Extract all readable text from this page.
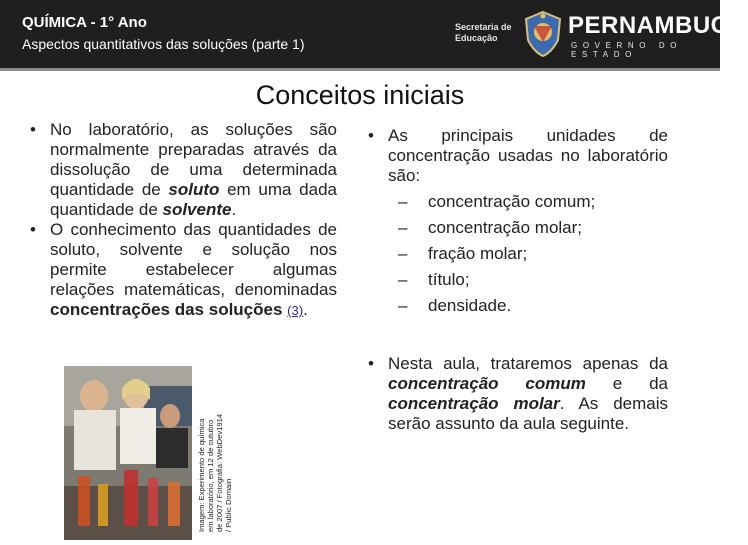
QUÍMICA - 1° Ano
Aspectos quantitativos das soluções (parte 1)
Secretaria de
Educação	PERNAMBUCO
GOVERNO DO ESTADO
Conceitos iniciais
• No laboratório, as soluções são normalmente preparadas através da dissolução de uma determinada quantidade de soluto em uma dada quantidade de solvente.
• O conhecimento das quantidades de soluto, solvente e solução nos permite estabelecer algumas relações matemáticas, denominadas concentrações das soluções (3).
Imagem: Experimento de química em laboratório, em 12 de outubro de 2007 / Fotografia: WebDev1914 / Public Domain
• As principais unidades de concentração usadas no laboratório são:
– concentração comum;
– concentração molar;
– fração molar;
– título;
– densidade.
• Nesta aula, trataremos apenas da concentração comum e da concentração molar. As demais serão assunto da aula seguinte.
